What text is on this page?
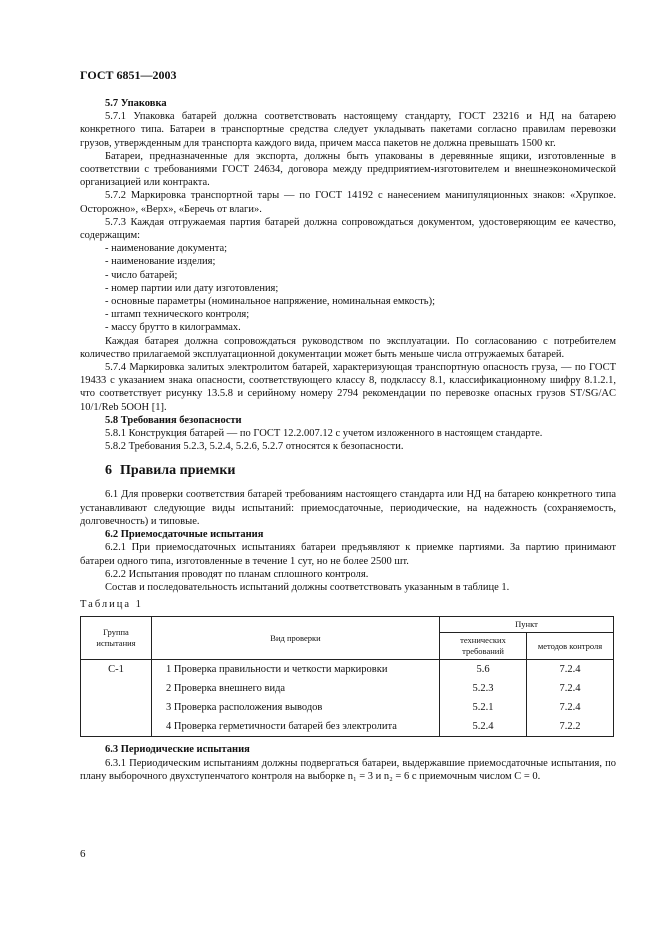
ГОСТ 6851—2003

5.7 Упаковка

5.7.1 Упаковка батарей должна соответствовать настоящему стандарту, ГОСТ 23216 и НД на батарею конкретного типа. Батареи в транспортные средства следует укладывать пакетами согласно правилам перевозки грузов, утвержденным для транспорта каждого вида, причем масса пакетов не должна превышать 1500 кг.

Батареи, предназначенные для экспорта, должны быть упакованы в деревянные ящики, изготовленные в соответствии с требованиями ГОСТ 24634, договора между предприятием-изготовителем и внешнеэкономической организацией или контракта.

5.7.2 Маркировка транспортной тары — по ГОСТ 14192 с нанесением манипуляционных знаков: «Хрупкое. Осторожно», «Верх», «Беречь от влаги».

5.7.3 Каждая отгружаемая партия батарей должна сопровождаться документом, удостоверяющим ее качество, содержащим:

- наименование документа;
- наименование изделия;
- число батарей;
- номер партии или дату изготовления;
- основные параметры (номинальное напряжение, номинальная емкость);
- штамп технического контроля;
- массу брутто в килограммах.

Каждая батарея должна сопровождаться руководством по эксплуатации. По согласованию с потребителем количество прилагаемой эксплуатационной документации может быть меньше числа отгружаемых батарей.

5.7.4 Маркировка залитых электролитом батарей, характеризующая транспортную опасность груза, — по ГОСТ 19433 с указанием знака опасности, соответствующего классу 8, подклассу 8.1, классификационному шифру 8.1.2.1, что соответствует рисунку 13.5.8 и серийному номеру 2794 рекомендации по перевозке опасных грузов ST/SG/AC 10/1/Reb 5OOH [1].

5.8 Требования безопасности

5.8.1 Конструкция батарей — по ГОСТ 12.2.007.12 с учетом изложенного в настоящем стандарте.

5.8.2 Требования 5.2.3, 5.2.4, 5.2.6, 5.2.7 относятся к безопасности.

6 Правила приемки

6.1 Для проверки соответствия батарей требованиям настоящего стандарта или НД на батарею конкретного типа устанавливают следующие виды испытаний: приемосдаточные, периодические, на надежность (сохраняемость, долговечность) и типовые.

6.2 Приемосдаточные испытания

6.2.1 При приемосдаточных испытаниях батареи предъявляют к приемке партиями. За партию принимают батареи одного типа, изготовленные в течение 1 сут, но не более 2500 шт.

6.2.2 Испытания проводят по планам сплошного контроля.

Состав и последовательность испытаний должны соответствовать указанным в таблице 1.

Таблица 1
Группа испытания	Вид проверки	Пункт	
		технических требований	методов контроля
С-1	1 Проверка правильности и четкости маркировки	5.6	7.2.4
	2 Проверка внешнего вида	5.2.3	7.2.4
	3 Проверка расположения выводов	5.2.1	7.2.4
	4 Проверка герметичности батарей без электролита	5.2.4	7.2.2

6.3 Периодические испытания

6.3.1 Периодическим испытаниям должны подвергаться батареи, выдержавшие приемосдаточные испытания, по плану выборочного двухступенчатого контроля на выборке n₁ = 3 и n₂ = 6 с приемочным числом C = 0.

6
